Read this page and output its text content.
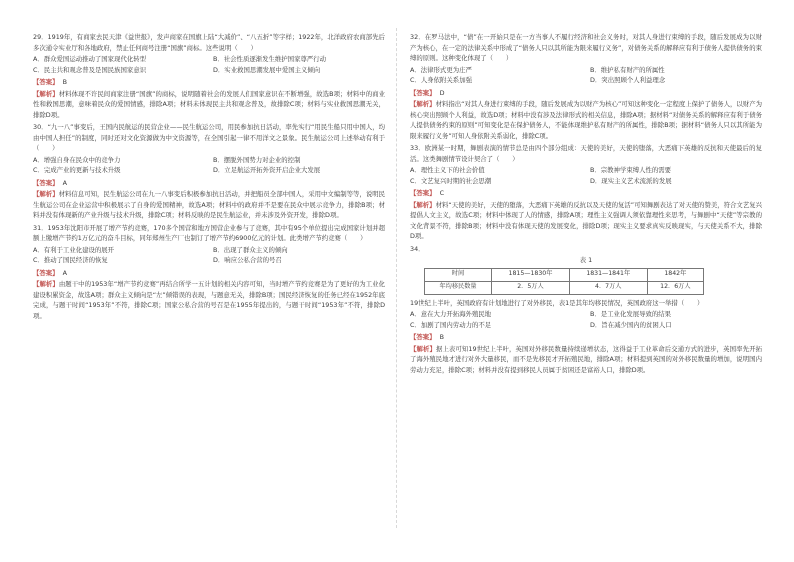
29．1919年，有商家去民天津《益世报》，发声商家在国旗上陆“大减价”、“八五折”等字样；1922年，北洋政府农商部先后多次通令实业厅和各地政府，禁止任何商号注册“国旗”商标。这些说明（　　）
A．群众爱国运动推动了国家现代化转型	B．社会性质逐渐发生维护国家尊严行动
C．民主共和观念普及是国民族国家意识	D．实业救国思潮发展中爱国主义倾向
【答案】 B
【解析】材料体现不许民间商家注册“国旗”的商标，说明随着社会的发展人们国家意识在不断增强，故选B项；材料中的商业性和救国思潮，意味着民众的爱国情感，排除A项；材料未体现民主共和观念普及，故排除C项；材料与实业救国思潮无关，排除D项。
30．“九一八”事变后，王国内民航运的民营企业——民生航运公司，用民参加抗日活动，率先实行“用民生船只用中国人，均由中国人担任”的制度，同时还对文化资源做为中文资源等，在全国引起一律不用洋文之景象。民生航运公司上述举动有利于（　　）
A．增强自身在民众中的竞争力	B．摆脱外国势力对企业的控制
C．完成产业的更新与技术升级	D．立足航运开拓外资开启企业大发展
【答案】 A
【解析】材料信息可知，民生航运公司在九一八事变后积极参加抗日活动，并把船员全部中国人，采用中文编制等等，说明民生航运公司在企业运营中积极展示了自身的爱国精神，故选A项；材料中的政府并不是要在民众中展示竞争力，排除B项；材料并没有体现新的产业升级与技术升级，排除C项；材料反映的是民生航运业，并未涉及外资开发，排除D项。
31．1953年沈阳市开展了增产节约竞赛，170多个国营和地方国营企业参与了竞赛，其中有95个单位提出完成国家计划并超额上缴增产节约1万亿元的奋斗目标，同年郑州生产厂也制订了增产节约6900亿元的计划。此类增产节约竞赛（　　）
A．有利于工业化建设的展开	B．出现了群众主义的倾向
C．推动了国民经济的恢复	D．响应公私合营的号召
【答案】 A
【解析】由题干中的1953年“增产节约竞赛”再结合所学一五计划的相关内容可知，当时增产节约竞赛是为了更好的为工业化建设积累资金，故选A项；群众主义倾向是“左”倾错误的表现，与题意无关，排除B项；国民经济恢复的任务已经在1952年底完成，与题干时间“1953年”不符，排除C项；国家公私合营的号召是在1955年提出的，与题干时间“1953年”不符，排除D项。
32．在罗马法中，“债”在一开始只是在一方当事人不履行经济和社会义务时，对其人身进行束缚的手段，随后发展成为以财产为核心，在一定的法律关系中形成了“债务人只以其所能为限来履行义务”，对债务关系的解释应有利于债务人提供债务的束缚的原则。这种变化体现了（　　）
A．法律形式更为庄严	B．维护私有财产的所属性
C．人身依附关系加强	D．突出照顾个人利益理念
【答案】 D
【解析】材料指出“对其人身进行束缚的手段，随后发展成为以财产为核心”可知这种变化一定程度上保护了债务人，以财产为核心突出照顾个人利益，故选D项；材料中没有涉及法律形式的相关信息，排除A项；据材料“对债务关系的解释应有利于债务人提供债务约束的原则”可知变化是在保护债务人，不能体现维护私有财产的所属性，排除B项；据材料“债务人只以其所能为限来履行义务”可知人身依附关系弱化，排除C项。
33．欧洲某一时期，舞剧表演的情节总是由四个部分组成：天使的美好，天使的堕落，大恶痛下英雄的反抗和天使最后的复活。这类舞剧情节设计契合了（　　）
A．理性主义下的社会价值	B．宗教神学束缚人性的需要
C．文艺复兴时期的社会思潮	D．现实主义艺术流派的发展
【答案】 C
【解析】材料“天使的美好，天使的堕落，大恶痛下英雄的反抗以及天使的复活”可知舞剧表达了对天使的赞美，符合文艺复兴提倡人文主义，故选C项；材料中体现了人的情感，排除A项；理性主义强调人须依靠理性来思考，与舞剧中“天使”等宗教的文化背景不符，排除B项；材料中没有体现天使的发展变化，排除D项；现实主义要求真实反映现实，与天使关系不大，排除D项。
34．
表 1
时间	1815—1830年	1831—1841年	1842年
年均移民数量	2．5万人	4．7万人	12．6万人
19世纪上半叶，英国政府有计划地进行了对外移民，表1是其年均移民情况，英国政府这一举措（　　）
A．意在大力开拓海外殖民地	B．是工业化发展导致的结果
C．加剧了国内劳动力的不足	D．旨在减少国内的贫困人口
【答案】 B
【解析】据上表可知19世纪上半叶，英国对外移民数量持续递增状态，这得益于工业革命后交通方式的进步，英国率先开拓了海外殖民地才进行对外大量移民，而不是先移民才开拓殖民地，排除A项；材料提到英国的对外移民数量的增加，说明国内劳动力充足，排除C项；材料并没有提到移民人员属于贫困还是富裕人口，排除D项。
